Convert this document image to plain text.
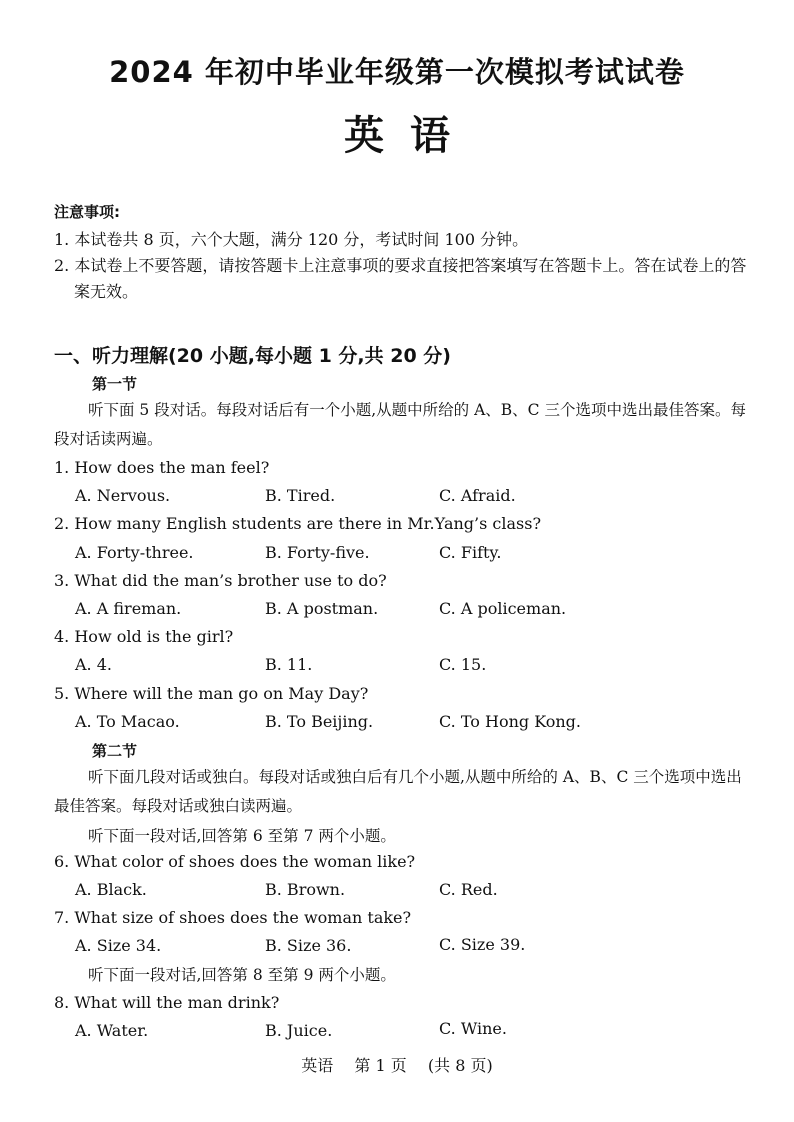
2024 年初中毕业年级第一次模拟考试试卷
英语
注意事项:
1. 本试卷共 8 页，六个大题，满分 120 分，考试时间 100 分钟。
2. 本试卷上不要答题，请按答题卡上注意事项的要求直接把答案填写在答题卡上。答在试卷上的答案无效。
一、听力理解(20 小题,每小题 1 分,共 20 分)
第一节
听下面 5 段对话。每段对话后有一个小题,从题中所给的 A、B、C 三个选项中选出最佳答案。每段对话读两遍。
1. How does the man feel?
A. Nervous.	B. Tired.	C. Afraid.
2. How many English students are there in Mr.Yang’s class?
A. Forty-three.	B. Forty-five.	C. Fifty.
3. What did the man’s brother use to do?
A. A fireman.	B. A postman.	C. A policeman.
4. How old is the girl?
A. 4.	B. 11.	C. 15.
5. Where will the man go on May Day?
A. To Macao.	B. To Beijing.	C. To Hong Kong.
第二节
听下面几段对话或独白。每段对话或独白后有几个小题,从题中所给的 A、B、C 三个选项中选出最佳答案。每段对话或独白读两遍。
听下面一段对话,回答第 6 至第 7 两个小题。
6. What color of shoes does the woman like?
A. Black.	B. Brown.	C. Red.
7. What size of shoes does the woman take?
A. Size 34.	B. Size 36.	C. Size 39.
听下面一段对话,回答第 8 至第 9 两个小题。
8. What will the man drink?
A. Water.	B. Juice.	C. Wine.
英语 第 1 页 (共 8 页)
